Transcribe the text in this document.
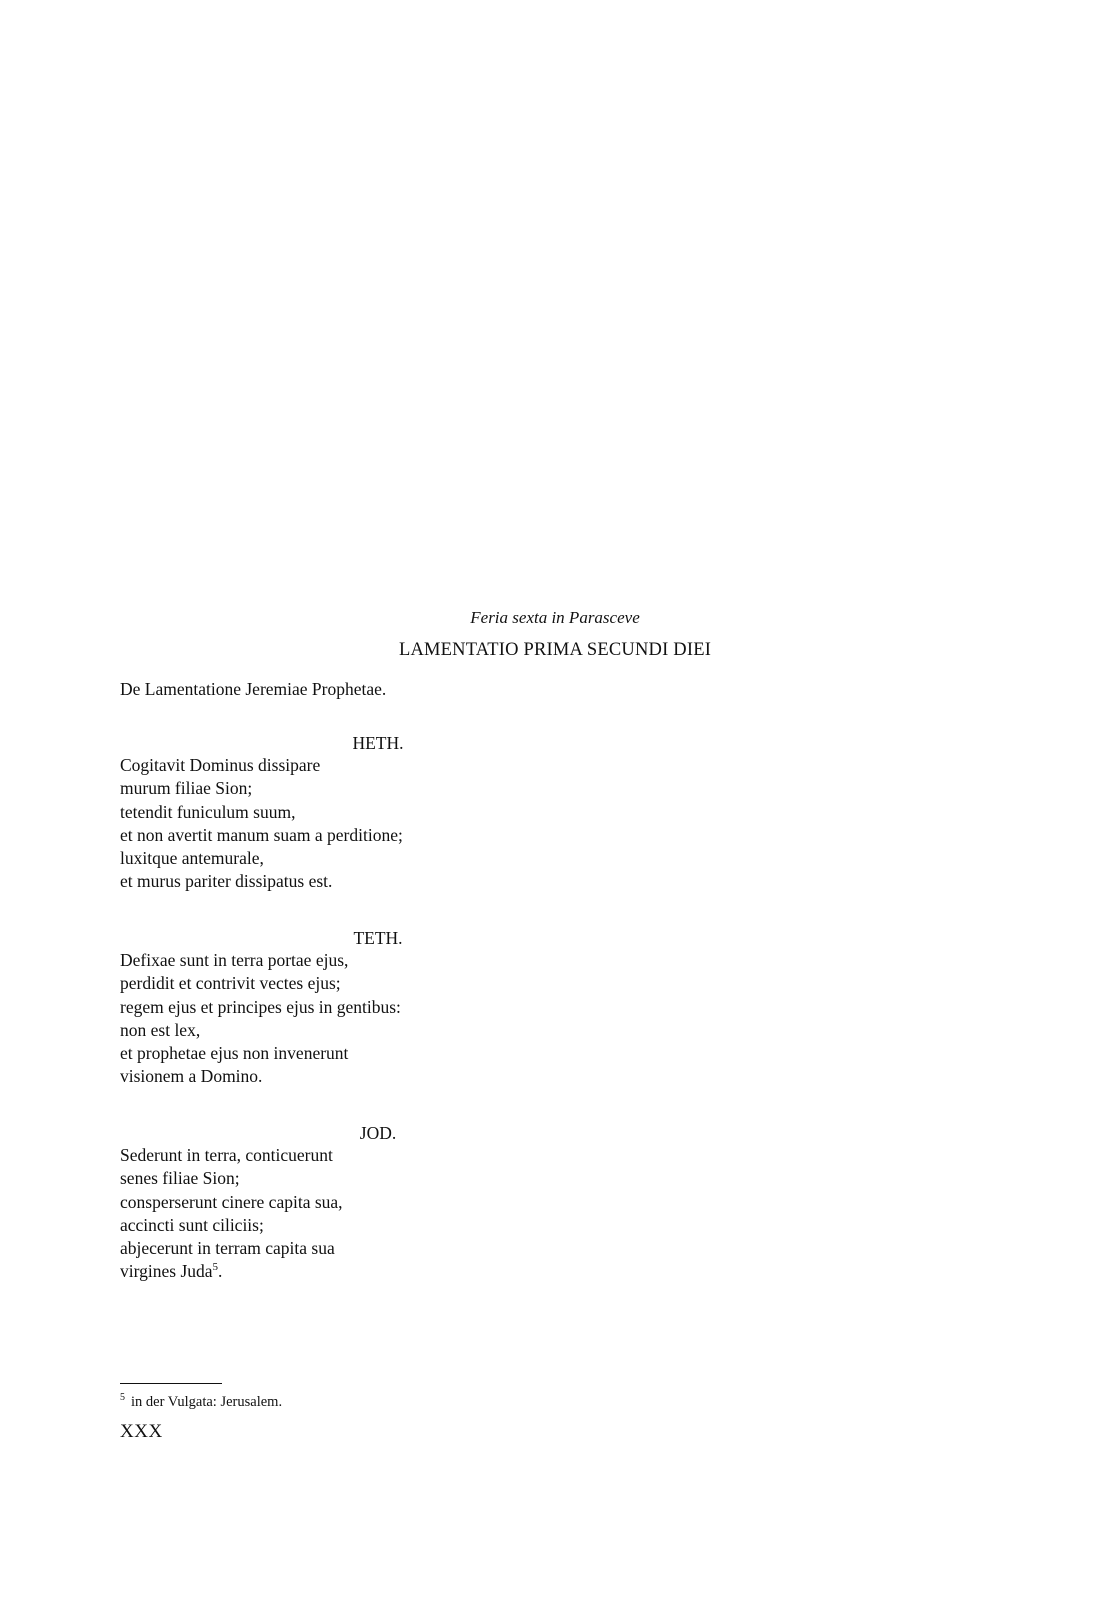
Feria sexta in Parasceve
LAMENTATIO PRIMA SECUNDI DIEI
De Lamentatione Jeremiae Prophetae.
HETH.
Cogitavit Dominus dissipare
murum filiae Sion;
tetendit funiculum suum,
et non avertit manum suam a perditione;
luxitque antemurale,
et murus pariter dissipatus est.
TETH.
Defixae sunt in terra portae ejus,
perdidit et contrivit vectes ejus;
regem ejus et principes ejus in gentibus:
non est lex,
et prophetae ejus non invenerunt
visionem a Domino.
JOD.
Sederunt in terra, conticuerunt
senes filiae Sion;
consperserunt cinere capita sua,
accincti sunt ciliciis;
abjecerunt in terram capita sua
virgines Juda$^5$.
$^5$ in der Vulgata: Jerusalem.
XXX
